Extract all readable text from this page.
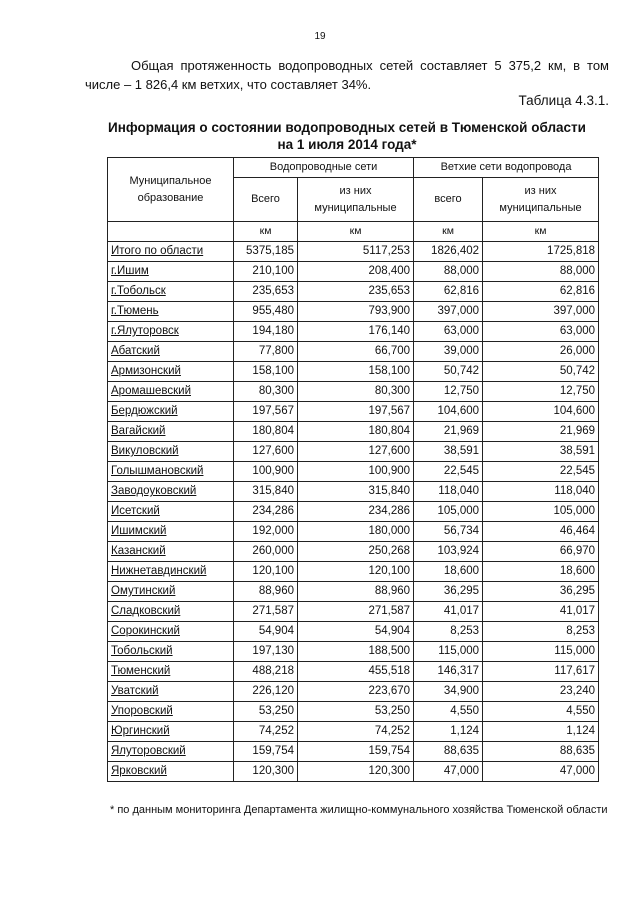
19
Общая протяженность водопроводных сетей составляет 5 375,2 км, в том
числе – 1 826,4 км ветхих, что составляет 34%.
Таблица 4.3.1.
Информация о состоянии водопроводных сетей в Тюменской области
на 1 июля 2014 года*
Муниципальное образование	Водопроводные сети		Ветхие сети водопровода	
	Всего	из них муниципальные	всего	из них муниципальные
	км	км	км	км
Итого по области	5375,185	5117,253	1826,402	1725,818
г.Ишим	210,100	208,400	88,000	88,000
г.Тобольск	235,653	235,653	62,816	62,816
г.Тюмень	955,480	793,900	397,000	397,000
г.Ялуторовск	194,180	176,140	63,000	63,000
Абатский	77,800	66,700	39,000	26,000
Армизонский	158,100	158,100	50,742	50,742
Аромашевский	80,300	80,300	12,750	12,750
Бердюжский	197,567	197,567	104,600	104,600
Вагайский	180,804	180,804	21,969	21,969
Викуловский	127,600	127,600	38,591	38,591
Голышмановский	100,900	100,900	22,545	22,545
Заводоуковский	315,840	315,840	118,040	118,040
Исетский	234,286	234,286	105,000	105,000
Ишимский	192,000	180,000	56,734	46,464
Казанский	260,000	250,268	103,924	66,970
Нижнетавдинский	120,100	120,100	18,600	18,600
Омутинский	88,960	88,960	36,295	36,295
Сладковский	271,587	271,587	41,017	41,017
Сорокинский	54,904	54,904	8,253	8,253
Тобольский	197,130	188,500	115,000	115,000
Тюменский	488,218	455,518	146,317	117,617
Уватский	226,120	223,670	34,900	23,240
Упоровский	53,250	53,250	4,550	4,550
Юргинский	74,252	74,252	1,124	1,124
Ялуторовский	159,754	159,754	88,635	88,635
Ярковский	120,300	120,300	47,000	47,000
* по данным мониторинга Департамента жилищно-коммунального хозяйства Тюменской области
